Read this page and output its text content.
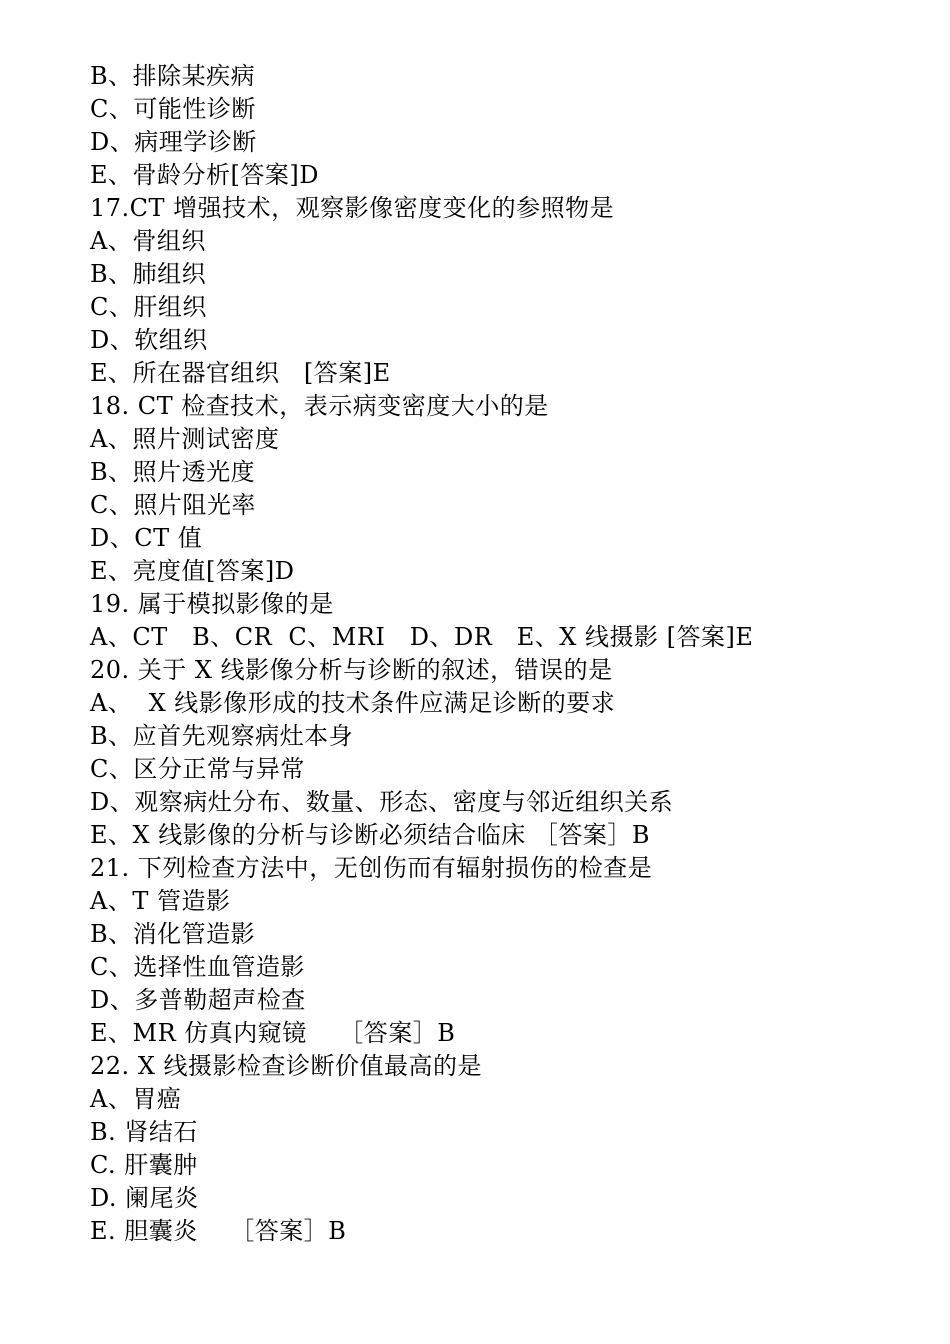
B、排除某疾病
C、可能性诊断
D、病理学诊断
E、骨龄分析[答案]D
17.CT 增强技术，观察影像密度变化的参照物是
A、骨组织
B、肺组织
C、肝组织
D、软组织
E、所在器官组织   [答案]E
18. CT 检查技术，表示病变密度大小的是
A、照片测试密度
B、照片透光度
C、照片阻光率
D、CT 值
E、亮度值[答案]D
19. 属于模拟影像的是
A、CT   B、CR  C、MRI   D、DR   E、X 线摄影 [答案]E
20. 关于 X 线影像分析与诊断的叙述，错误的是
A、  X 线影像形成的技术条件应满足诊断的要求
B、应首先观察病灶本身
C、区分正常与异常
D、观察病灶分布、数量、形态、密度与邻近组织关系
E、X 线影像的分析与诊断必须结合临床 ［答案］B
21. 下列检查方法中，无创伤而有辐射损伤的检查是
A、T 管造影
B、消化管造影
C、选择性血管造影
D、多普勒超声检查
E、MR 仿真内窥镜    ［答案］B
22. X 线摄影检查诊断价值最高的是
A、胃癌
B. 肾结石
C. 肝囊肿
D. 阑尾炎
E. 胆囊炎    ［答案］B
